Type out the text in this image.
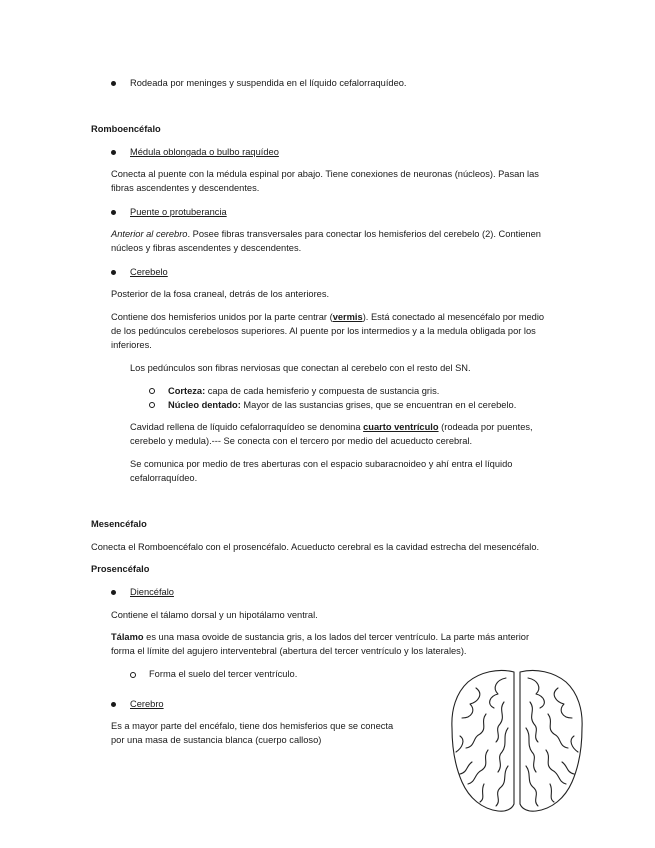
Rodeada por meninges y suspendida en el líquido cefalorraquídeo.
Romboencéfalo
Médula oblongada o bulbo raquídeo
Conecta al puente con la médula espinal por abajo. Tiene conexiones de neuronas (núcleos). Pasan las
fibras ascendentes y descendentes.
Puente o protuberancia
Anterior al cerebro. Posee fibras transversales para conectar los hemisferios del cerebelo (2). Contienen
núcleos y fibras ascendentes y descendentes.
Cerebelo
Posterior de la fosa craneal, detrás de los anteriores.
Contiene dos hemisferios unidos por la parte centrar (vermis). Está conectado al mesencéfalo por medio
de los pedúnculos cerebelosos superiores. Al puente por los intermedios y a la medula obligada por los
inferiores.
Los pedúnculos son fibras nerviosas que conectan al cerebelo con el resto del SN.
Corteza: capa de cada hemisferio y compuesta de sustancia gris.
Núcleo dentado: Mayor de las sustancias grises, que se encuentran en el cerebelo.
Cavidad rellena de líquido cefalorraquídeo se denomina cuarto ventrículo (rodeada por puentes,
cerebelo y medula).--- Se conecta con el tercero por medio del acueducto cerebral.
Se comunica por medio de tres aberturas con el espacio subaracnoideo y ahí entra el líquido
cefalorraquídeo.
Mesencéfalo
Conecta el Romboencéfalo con el prosencéfalo. Acueducto cerebral es la cavidad estrecha del mesencéfalo.
Prosencéfalo
Diencéfalo
Contiene el tálamo dorsal y un hipotálamo ventral.
Tálamo es una masa ovoide de sustancia gris, a los lados del tercer ventrículo. La parte más anterior
forma el límite del agujero interventebral (abertura del tercer ventrículo y los laterales).
Forma el suelo del tercer ventrículo.
Cerebro
Es a mayor parte del encéfalo, tiene dos hemisferios que se conecta
por una masa de sustancia blanca (cuerpo calloso)
